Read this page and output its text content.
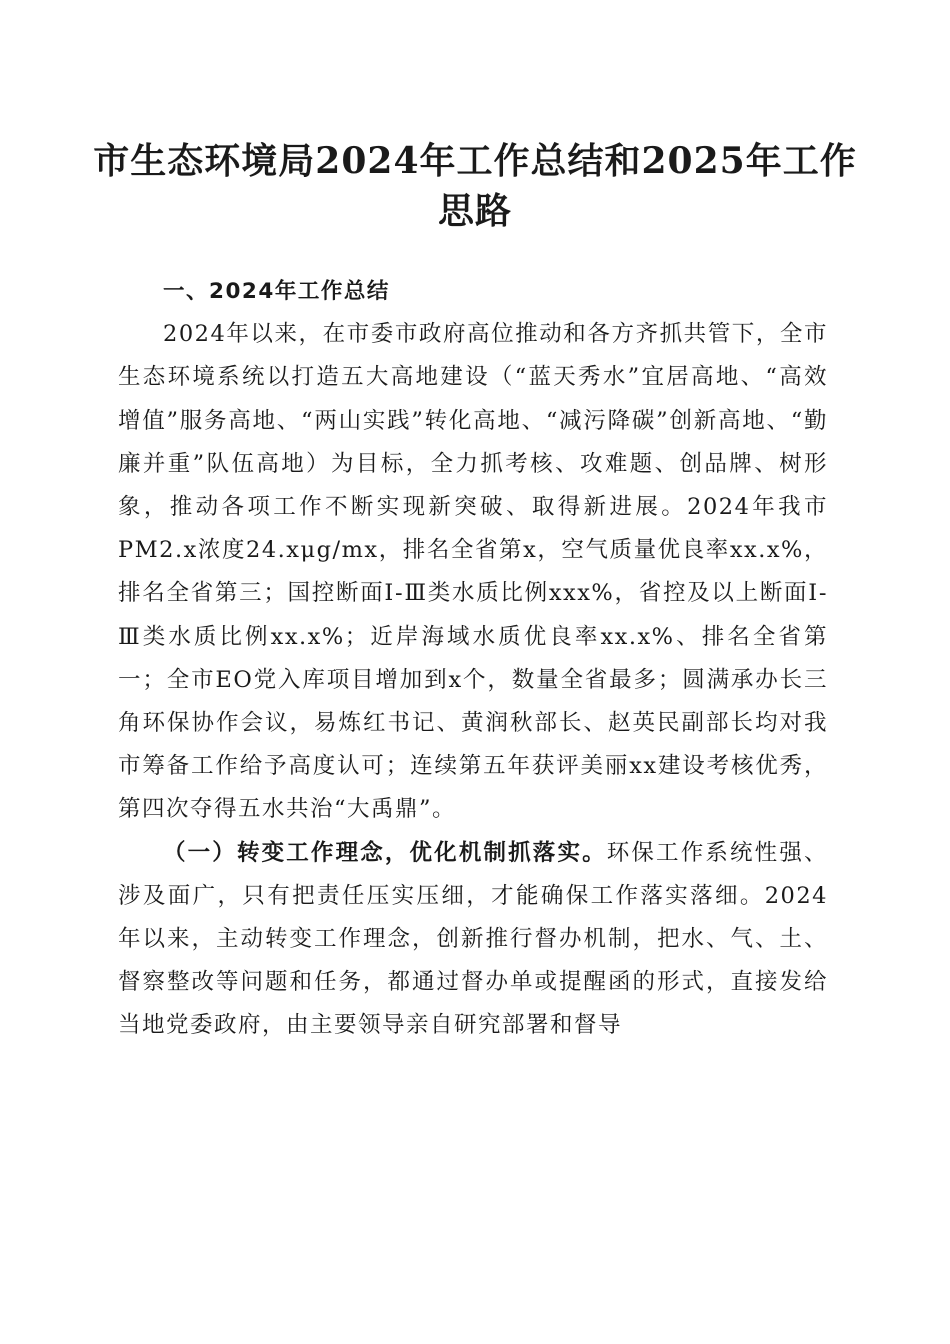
市生态环境局2024年工作总结和2025年工作思路

一、2024年工作总结

2024年以来，在市委市政府高位推动和各方齐抓共管下，全市生态环境系统以打造五大高地建设（“蓝天秀水”宜居高地、“高效增值”服务高地、“两山实践”转化高地、“减污降碳”创新高地、“勤廉并重”队伍高地）为目标，全力抓考核、攻难题、创品牌、树形象，推动各项工作不断实现新突破、取得新进展。2024年我市PM2.x浓度24.xμg/mx，排名全省第x，空气质量优良率xx.x%，排名全省第三；国控断面Ⅰ-Ⅲ类水质比例xxx%，省控及以上断面Ⅰ-Ⅲ类水质比例xx.x%；近岸海域水质优良率xx.x%、排名全省第一；全市EO党入库项目增加到x个，数量全省最多；圆满承办长三角环保协作会议，易炼红书记、黄润秋部长、赵英民副部长均对我市筹备工作给予高度认可；连续第五年获评美丽xx建设考核优秀，第四次夺得五水共治“大禹鼎”。

（一）转变工作理念，优化机制抓落实。环保工作系统性强、涉及面广，只有把责任压实压细，才能确保工作落实落细。2024年以来，主动转变工作理念，创新推行督办机制，把水、气、土、督察整改等问题和任务，都通过督办单或提醒函的形式，直接发给当地党委政府，由主要领导亲自研究部署和督导
